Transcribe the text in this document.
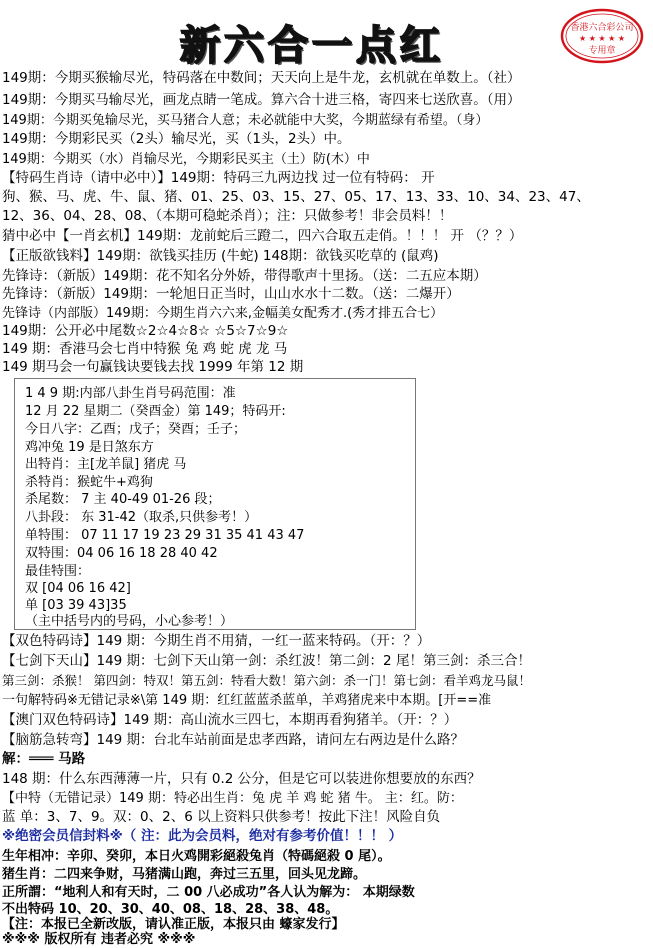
新六合一点红	香港六合彩公司
★ ★ ★ ★ ★
专用章
149期：今期买猴输尽光，特码落在中数间；天天向上是牛龙，玄机就在单数上。（社）
149期：今期买马输尽光，画龙点睛一笔成。算六合十进三格，寄四来七送欣喜。（用）
149期：今期买兔输尽光，买马猪合人意；未必就能中大奖，今期蓝绿有希望。（身）
149期：今期彩民买（2头）输尽光，买（1头，2头）中。
149期：今期买（水）肖输尽光，今期彩民买主（土）防(木）中
【特码生肖诗（请中必中）】149期：特码三九两边找 过一位有特码： 开
狗、猴、马、虎、牛、鼠、猪、01、25、03、15、27、05、17、13、33、10、34、23、47、
12、36、04、28、08、（本期可稳蛇杀肖）；注：只做参考！非会员料！！
猜中必中【一肖玄机】149期：龙前蛇后三蹬二，四六合取五走俏。！！！ 开 （？？）
【正版欲钱料】149期：欲钱买挂历 (牛蛇) 148期：欲钱买吃草的 (鼠鸡)
先锋诗：（新版）149期：花不知名分外娇，带得歌声十里扬。（送：二五应本期）
先锋诗：（新版）149期：一轮旭日正当时，山山水水十二数。（送：二爆开）
先锋诗（内部版）149期：今期生肖六六来,金幅美女配秀才.(秀才排五合七）
149期：公开必中尾数☆2☆4☆8☆ ☆5☆7☆9☆
149 期：香港马会七肖中特猴 兔 鸡 蛇 虎 龙 马
149 期马会一句赢钱诀要钱去找 1999 年第 12 期
1 4 9 期:内部八卦生肖号码范围：准
12 月 22 星期二（癸酉金）第 149；特码开:
今日八字：乙酉；戊子；癸酉；壬子；
鸡冲兔 19 是日煞东方
出特肖：主[龙羊鼠] 猪虎 马
杀特肖：猴蛇牛+鸡狗
杀尾数： 7 主 40-49 01-26 段；
八卦段： 东 31-42（取杀,只供参考！）
单特围： 07 11 17 19 23 29 31 35 41 43 47
双特围：04 06 16 18 28 40 42
最佳特围：
双 [04 06 16 42]
单 [03 39 43]35
（主中括号内的号码，小心参考！）
【双色特码诗】149 期：今期生肖不用猜，一红一蓝来特码。（开：？）
【七剑下天山】149 期：七剑下天山第一剑：杀红波！第二剑：2 尾！第三剑：杀三合！
第三剑：杀猴！ 第四剑：特双！第五剑：特看大数！第六剑：杀一门！第七剑：看羊鸡龙马鼠！
一句解特码※无错记录※\第 149 期：红红蓝蓝杀蓝单，羊鸡猪虎来中本期。[开==准
【澳门双色特码诗】149 期：高山流水三四七，本期再看狗猪羊。（开：？）
【脑筋急转弯】149 期：台北车站前面是忠孝西路，请问左右两边是什么路？
解：═══ 马路
148 期：什么东西薄薄一片，只有 0.2 公分，但是它可以装进你想要放的东西？
【中特（无错记录）149 期：特必出生肖：兔 虎 羊 鸡 蛇 猪 牛。 主：红。防：
蓝 单：3、7、9。双：0、2、6 以上资料只供参考！按此下注！风险自负
※绝密会员信封料※（ 注：此为会员料，绝对有参考价值！！！ ）
生年相冲：辛卯、癸卯，本日火鸡開彩絕殺兔肖（特碼絕殺 0 尾）。
猪生肖：二四来争财，马猪满山跑，奔过三五里，回头见龙蹄。
正所謂：“地利人和有天时，二 00 八必成功”各人认为解为： 本期绿数
不出特码 10、20、30、40、08、18、28、38、48。
【注：本报已全新改版，请认准正版，本报只由 蠔家发行】
※※※ 版权所有 违者必究 ※※※
